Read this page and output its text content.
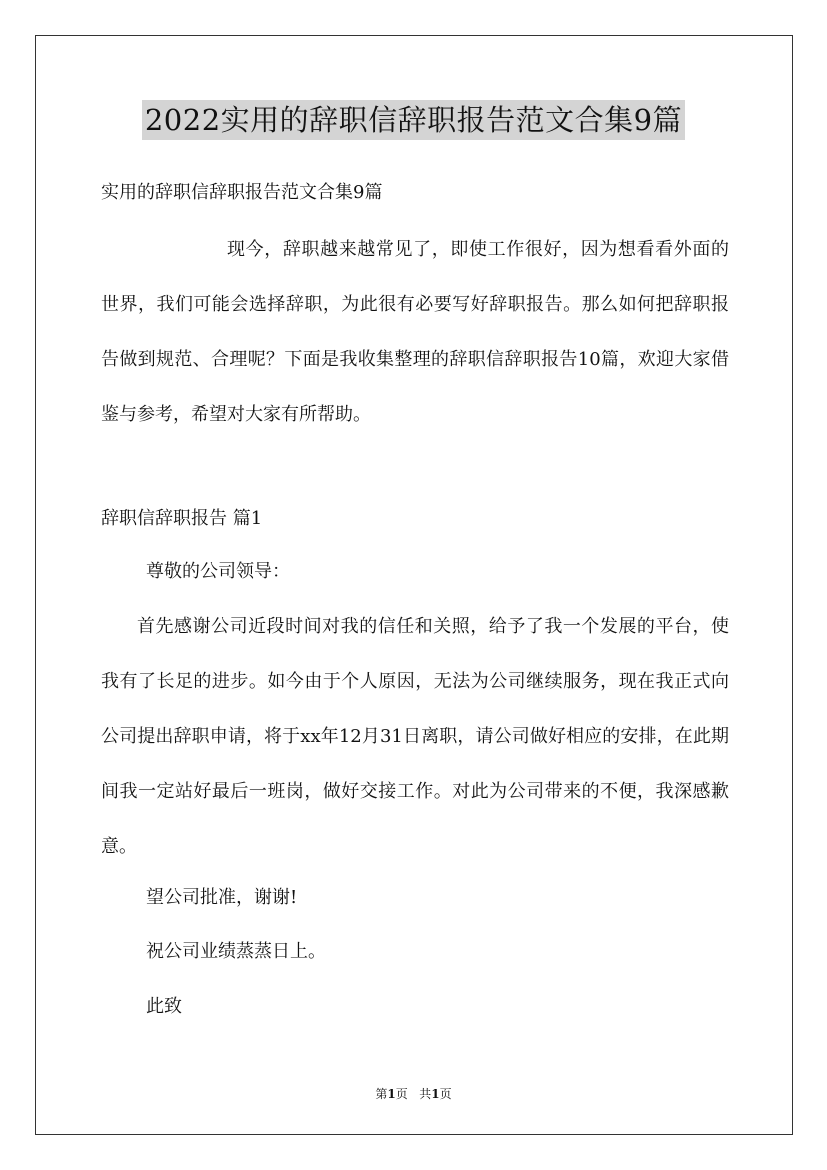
2022实用的辞职信辞职报告范文合集9篇
实用的辞职信辞职报告范文合集9篇

现今，辞职越来越常见了，即使工作很好，因为想看看外面的世界，我们可能会选择辞职，为此很有必要写好辞职报告。那么如何把辞职报告做到规范、合理呢？下面是我收集整理的辞职信辞职报告10篇，欢迎大家借鉴与参考，希望对大家有所帮助。

辞职信辞职报告 篇1
尊敬的公司领导：

首先感谢公司近段时间对我的信任和关照，给予了我一个发展的平台，使我有了长足的进步。如今由于个人原因，无法为公司继续服务，现在我正式向公司提出辞职申请，将于xx年12月31日离职，请公司做好相应的安排，在此期间我一定站好最后一班岗，做好交接工作。对此为公司带来的不便，我深感歉意。

望公司批准，谢谢!
祝公司业绩蒸蒸日上。
此致
第1页 共1页
